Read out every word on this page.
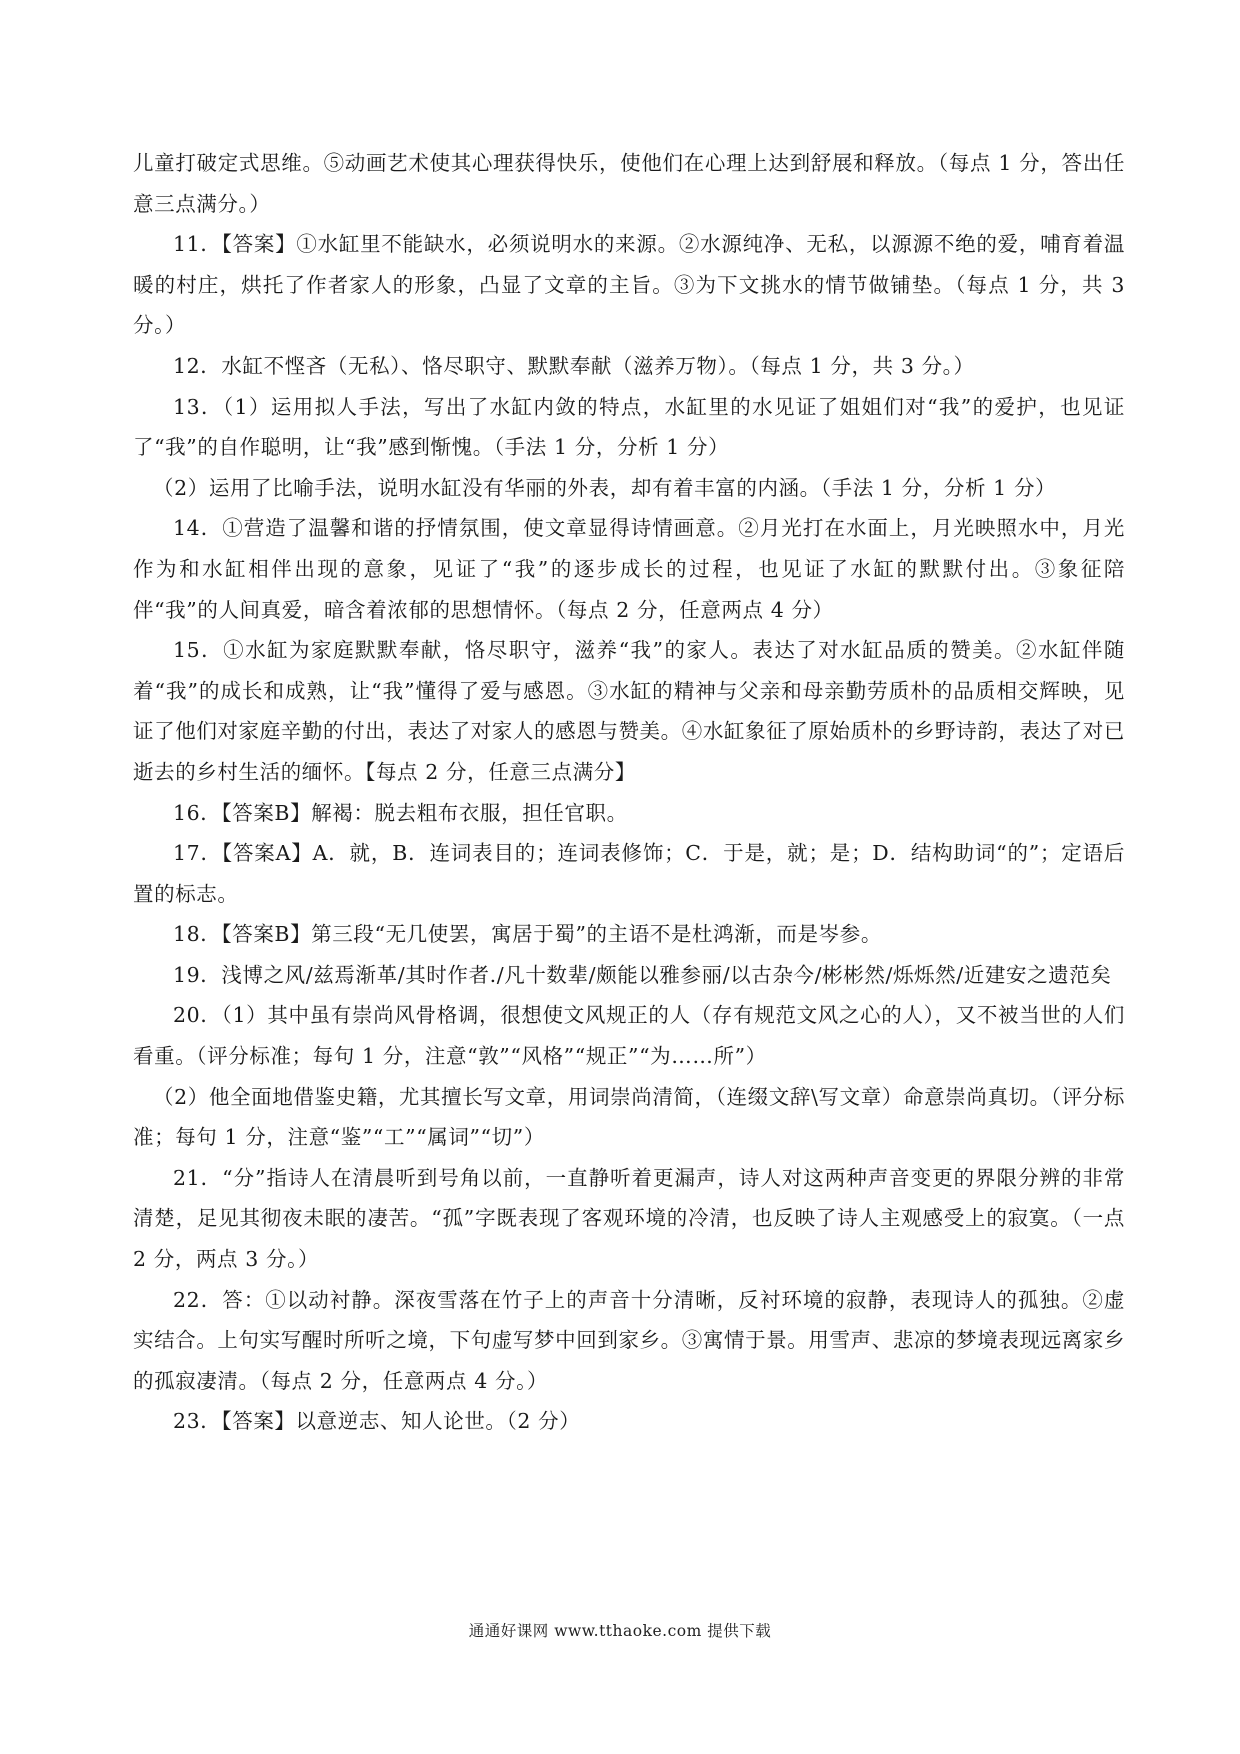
儿童打破定式思维。⑤动画艺术使其心理获得快乐，使他们在心理上达到舒展和释放。（每点 1 分，答出任意三点满分。）

11．【答案】①水缸里不能缺水，必须说明水的来源。②水源纯净、无私，以源源不绝的爱，哺育着温暖的村庄，烘托了作者家人的形象，凸显了文章的主旨。③为下文挑水的情节做铺垫。（每点 1 分，共 3分。）

12．水缸不悭吝（无私）、恪尽职守、默默奉献（滋养万物）。（每点 1 分，共 3 分。）

13．（1）运用拟人手法，写出了水缸内敛的特点，水缸里的水见证了姐姐们对“我”的爱护，也见证了“我”的自作聪明，让“我”感到惭愧。（手法 1 分，分析 1 分）

（2）运用了比喻手法，说明水缸没有华丽的外表，却有着丰富的内涵。（手法 1 分，分析 1 分）

14．①营造了温馨和谐的抒情氛围，使文章显得诗情画意。②月光打在水面上，月光映照水中，月光作为和水缸相伴出现的意象，见证了“我”的逐步成长的过程，也见证了水缸的默默付出。③象征陪伴“我”的人间真爱，暗含着浓郁的思想情怀。（每点 2 分，任意两点 4 分）

15．①水缸为家庭默默奉献，恪尽职守，滋养“我”的家人。表达了对水缸品质的赞美。②水缸伴随着“我”的成长和成熟，让“我”懂得了爱与感恩。③水缸的精神与父亲和母亲勤劳质朴的品质相交辉映，见证了他们对家庭辛勤的付出，表达了对家人的感恩与赞美。④水缸象征了原始质朴的乡野诗韵，表达了对已逝去的乡村生活的缅怀。【每点 2 分，任意三点满分】

16．【答案B】解褐：脱去粗布衣服，担任官职。

17．【答案A】A．就，B．连词表目的；连词表修饰；C．于是，就；是；D．结构助词“的”；定语后置的标志。

18．【答案B】第三段“无几使罢，寓居于蜀”的主语不是杜鸿渐，而是岑参。

19．浅博之风/兹焉渐革/其时作者./凡十数辈/颇能以雅参丽/以古杂今/彬彬然/烁烁然/近建安之遗范矣

20．（1）其中虽有崇尚风骨格调，很想使文风规正的人（存有规范文风之心的人），又不被当世的人们看重。（评分标准；每句 1 分，注意“敦”“风格”“规正”“为……所”）

（2）他全面地借鉴史籍，尤其擅长写文章，用词崇尚清简，（连缀文辞\写文章）命意崇尚真切。（评分标准；每句 1 分，注意“鉴”“工”“属词”“切”）

21．“分”指诗人在清晨听到号角以前，一直静听着更漏声，诗人对这两种声音变更的界限分辨的非常清楚，足见其彻夜未眠的凄苦。“孤”字既表现了客观环境的冷清，也反映了诗人主观感受上的寂寞。（一点 2 分，两点 3 分。）

22．答：①以动衬静。深夜雪落在竹子上的声音十分清晰，反衬环境的寂静，表现诗人的孤独。②虚实结合。上句实写醒时所听之境，下句虚写梦中回到家乡。③寓情于景。用雪声、悲凉的梦境表现远离家乡的孤寂凄清。（每点 2 分，任意两点 4 分。）

23．【答案】以意逆志、知人论世。（2 分）

通通好课网 www.tthaoke.com 提供下载
